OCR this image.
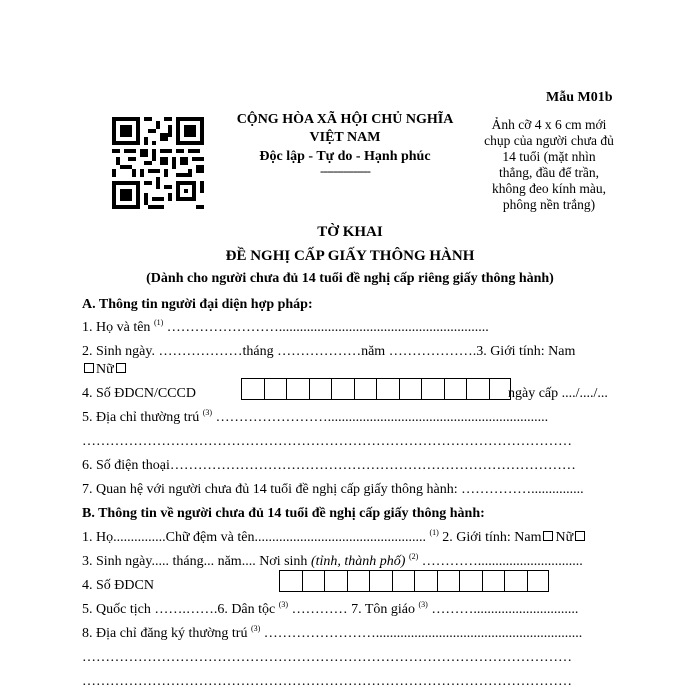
Mẫu M01b
CỘNG HÒA XÃ HỘI CHỦ NGHĨA
VIỆT NAM
Độc lập - Tự do - Hạnh phúc
---------------
Ảnh cỡ 4 x 6 cm mới chụp của người chưa đủ 14 tuổi (mặt nhìn thẳng, đầu để trần, không đeo kính màu, phông nền trắng)
TỜ KHAI
ĐỀ NGHỊ CẤP GIẤY THÔNG HÀNH
(Dành cho người chưa đủ 14 tuổi đề nghị cấp riêng giấy thông hành)
A. Thông tin người đại diện hợp pháp:
1. Họ và tên $^{(1)}$ ……………………............................................................
2. Sinh ngày. ………………tháng ………………năm ……………….3. Giới tính: Nam
Nữ
4. Số ĐDCN/CCCD	ngày cấp ..../..../...
5. Địa chỉ thường trú $^{(3)}$ ……………………...............................................................
……………………………………………………………………………………………
6. Số điện thoại……………………………………………………………………………
7. Quan hệ với người chưa đủ 14 tuổi đề nghị cấp giấy thông hành: ……………...............
B. Thông tin về người chưa đủ 14 tuổi đề nghị cấp giấy thông hành:
1. Họ...............Chữ đệm và tên................................................. $^{(1)}$ 2. Giới tính: Nam Nữ
3. Sinh ngày..... tháng... năm.... Nơi sinh (tỉnh, thành phố) $^{(2)}$ …………..............................
4. Số ĐDCN
5. Quốc tịch …….…….6. Dân tộc $^{(3)}$ ………… 7. Tôn giáo $^{(3)}$ ………..............................
8. Địa chỉ đăng ký thường trú $^{(3)}$ ……………………...........................................................
……………………………………………………………………………………………
……………………………………………………………………………………………
